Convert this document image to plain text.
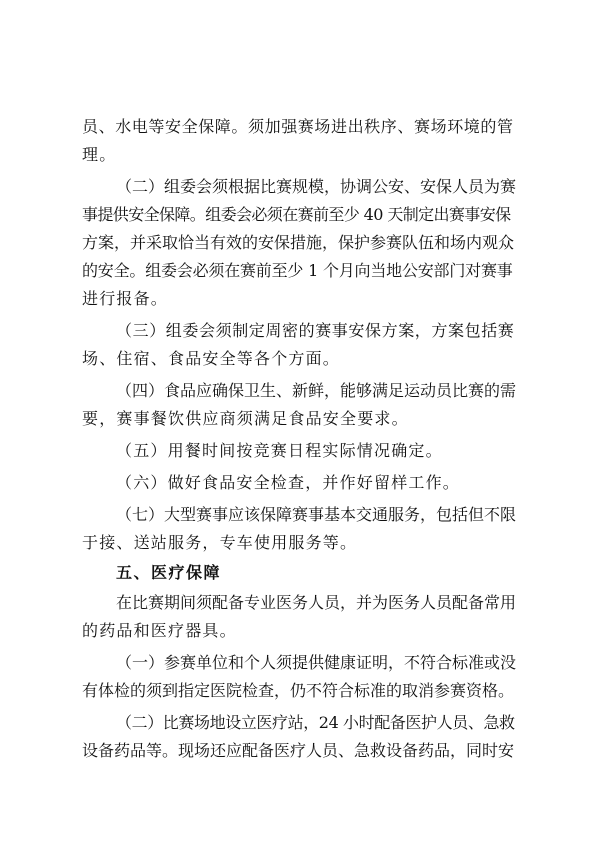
员、水电等安全保障。须加强赛场进出秩序、赛场环境的管
理。
（二）组委会须根据比赛规模，协调公安、安保人员为赛
事提供安全保障。组委会必须在赛前至少 40 天制定出赛事安保
方案，并采取恰当有效的安保措施，保护参赛队伍和场内观众
的安全。组委会必须在赛前至少 1 个月向当地公安部门对赛事
进行报备。
（三）组委会须制定周密的赛事安保方案，方案包括赛
场、住宿、食品安全等各个方面。
（四）食品应确保卫生、新鲜，能够满足运动员比赛的需
要，赛事餐饮供应商须满足食品安全要求。
（五）用餐时间按竞赛日程实际情况确定。
（六）做好食品安全检查，并作好留样工作。
（七）大型赛事应该保障赛事基本交通服务，包括但不限
于接、送站服务，专车使用服务等。
五、医疗保障
在比赛期间须配备专业医务人员，并为医务人员配备常用
的药品和医疗器具。
（一）参赛单位和个人须提供健康证明，不符合标准或没
有体检的须到指定医院检查，仍不符合标准的取消参赛资格。
（二）比赛场地设立医疗站，24 小时配备医护人员、急救
设备药品等。现场还应配备医疗人员、急救设备药品，同时安
